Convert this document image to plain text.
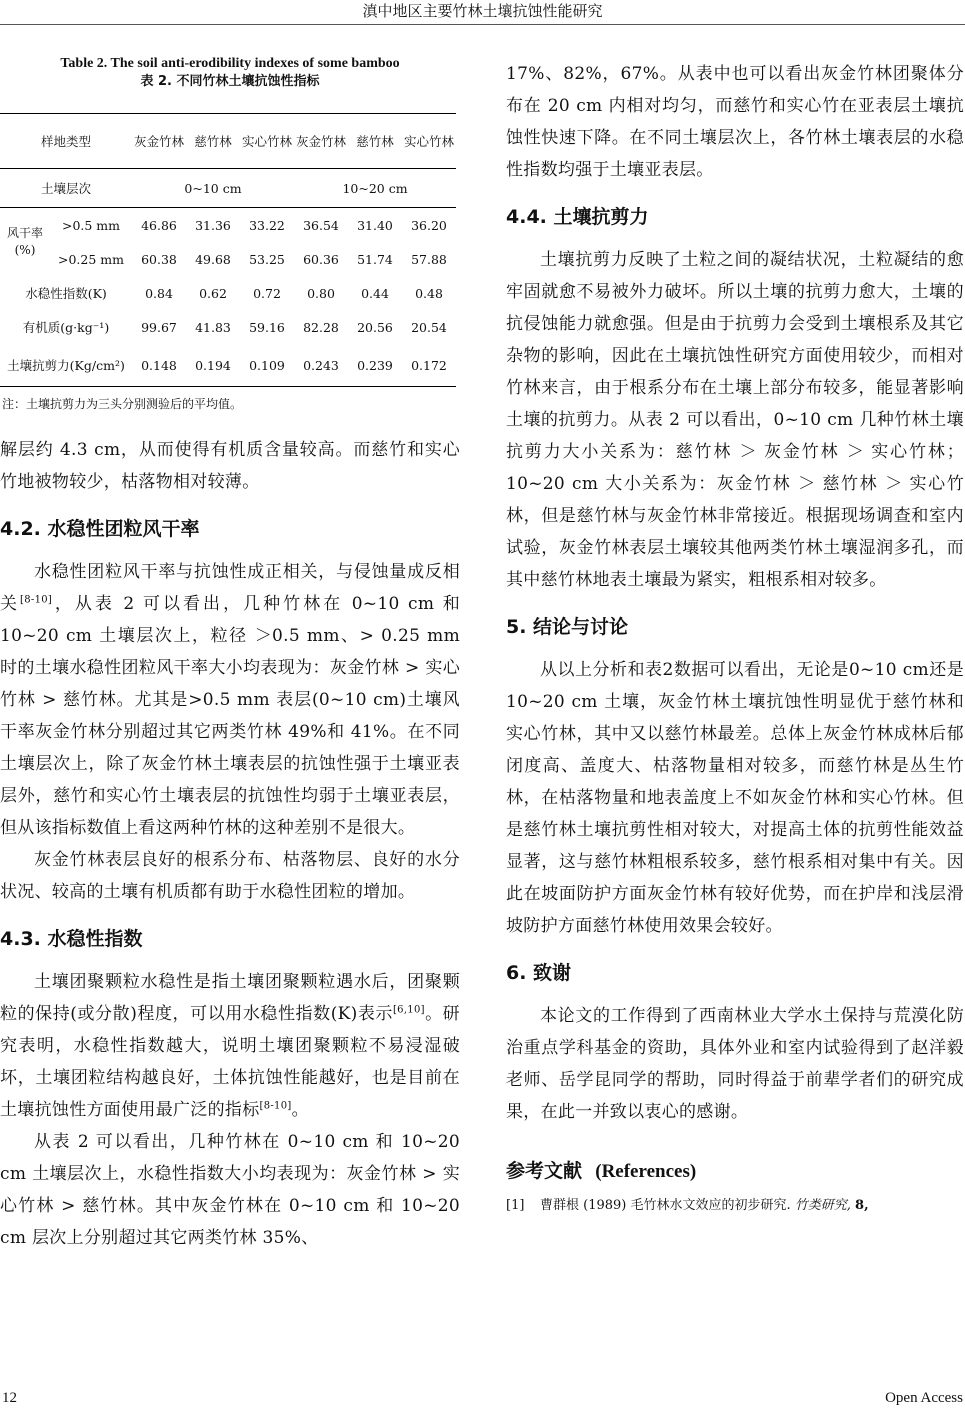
滇中地区主要竹林土壤抗蚀性能研究

Table 2. The soil anti-erodibility indexes of some bamboo

表 2. 不同竹林土壤抗蚀性指标

样地类型		灰金竹林	慈竹林	实心竹林	灰金竹林	慈竹林	实心竹林
土壤层次		0~10 cm			10~20 cm		
风干率(%)	>0.5 mm	46.86	31.36	33.22	36.54	31.40	36.20
	>0.25 mm	60.38	49.68	53.25	60.36	51.74	57.88
水稳性指数(K)		0.84	0.62	0.72	0.80	0.44	0.48
有机质(g·kg⁻¹)		99.67	41.83	59.16	82.28	20.56	20.54
土壤抗剪力(Kg/cm²)		0.148	0.194	0.109	0.243	0.239	0.172

注：土壤抗剪力为三头分别测验后的平均值。

解层约 4.3 cm，从而使得有机质含量较高。而慈竹和实心竹地被物较少，枯落物相对较薄。

4.2. 水稳性团粒风干率

水稳性团粒风干率与抗蚀性成正相关，与侵蚀量成反相关[8-10]，从表 2 可以看出，几种竹林在 0~10 cm 和 10~20 cm 土壤层次上，粒径 ＞0.5 mm、> 0.25 mm 时的土壤水稳性团粒风干率大小均表现为：灰金竹林 > 实心竹林 > 慈竹林。尤其是>0.5 mm 表层(0~10 cm)土壤风干率灰金竹林分别超过其它两类竹林 49%和 41%。在不同土壤层次上，除了灰金竹林土壤表层的抗蚀性强于土壤亚表层外，慈竹和实心竹土壤表层的抗蚀性均弱于土壤亚表层，但从该指标数值上看这两种竹林的这种差别不是很大。

灰金竹林表层良好的根系分布、枯落物层、良好的水分状况、较高的土壤有机质都有助于水稳性团粒的增加。

4.3. 水稳性指数

土壤团聚颗粒水稳性是指土壤团聚颗粒遇水后，团聚颗粒的保持(或分散)程度，可以用水稳性指数(K)表示[6,10]。研究表明，水稳性指数越大，说明土壤团聚颗粒不易浸湿破坏，土壤团粒结构越良好，土体抗蚀性能越好，也是目前在土壤抗蚀性方面使用最广泛的指标[8-10]。

从表 2 可以看出，几种竹林在 0~10 cm 和 10~20 cm 土壤层次上，水稳性指数大小均表现为：灰金竹林 > 实心竹林 > 慈竹林。其中灰金竹林在 0~10 cm 和 10~20 cm 层次上分别超过其它两类竹林 35%、

17%、82%，67%。从表中也可以看出灰金竹林团聚体分布在 20 cm 内相对均匀，而慈竹和实心竹在亚表层土壤抗蚀性快速下降。在不同土壤层次上，各竹林土壤表层的水稳性指数均强于土壤亚表层。

4.4. 土壤抗剪力

土壤抗剪力反映了土粒之间的凝结状况，土粒凝结的愈牢固就愈不易被外力破坏。所以土壤的抗剪力愈大，土壤的抗侵蚀能力就愈强。但是由于抗剪力会受到土壤根系及其它杂物的影响，因此在土壤抗蚀性研究方面使用较少，而相对竹林来言，由于根系分布在土壤上部分布较多，能显著影响土壤的抗剪力。从表 2 可以看出，0~10 cm 几种竹林土壤抗剪力大小关系为：慈竹林 ＞ 灰金竹林 ＞ 实心竹林；10~20 cm 大小关系为：灰金竹林 ＞ 慈竹林 ＞ 实心竹林，但是慈竹林与灰金竹林非常接近。根据现场调查和室内试验，灰金竹林表层土壤较其他两类竹林土壤湿润多孔，而其中慈竹林地表土壤最为紧实，粗根系相对较多。

5. 结论与讨论

从以上分析和表2数据可以看出，无论是0~10 cm还是 10~20 cm 土壤，灰金竹林土壤抗蚀性明显优于慈竹林和实心竹林，其中又以慈竹林最差。总体上灰金竹林成林后郁闭度高、盖度大、枯落物量相对较多，而慈竹林是丛生竹林，在枯落物量和地表盖度上不如灰金竹林和实心竹林。但是慈竹林土壤抗剪性相对较大，对提高土体的抗剪性能效益显著，这与慈竹林粗根系较多，慈竹根系相对集中有关。因此在坡面防护方面灰金竹林有较好优势，而在护岸和浅层滑坡防护方面慈竹林使用效果会较好。

6. 致谢

本论文的工作得到了西南林业大学水土保持与荒漠化防治重点学科基金的资助，具体外业和室内试验得到了赵洋毅老师、岳学昆同学的帮助，同时得益于前辈学者们的研究成果，在此一并致以衷心的感谢。

参考文献 (References)

[1] 曹群根 (1989) 毛竹林水文效应的初步研究. 竹类研究, 8,

12	Open Access
